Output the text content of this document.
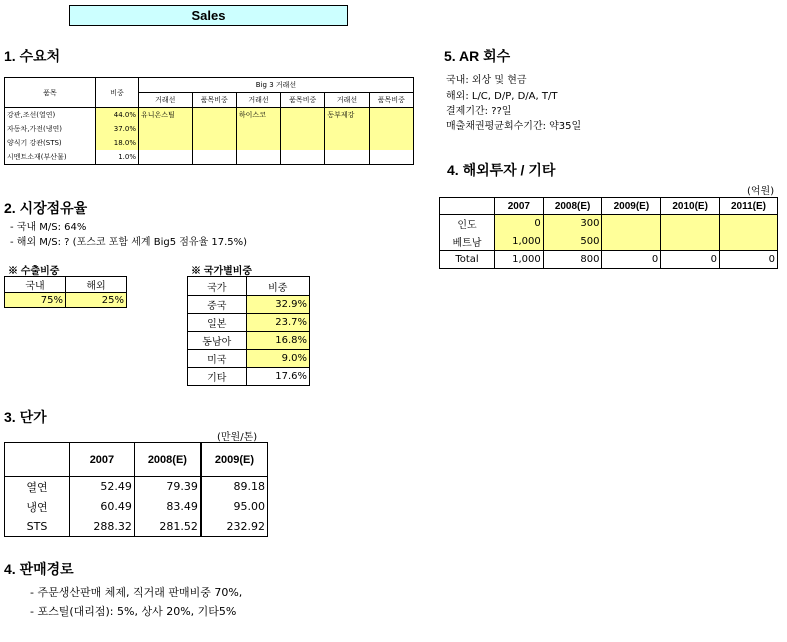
Sales
1. 수요처
품목	비중	Big 3 거래선					
		거래선	품목비중	거래선	품목비중	거래선	품목비중
강관,조선(열연)	44.0%	유니온스틸		하이스코		동부제강	
자동차,가전(냉연)	37.0%						
양식기 강관(STS)	18.0%						
시멘트소재(부산물)	1.0%						
2. 시장점유율
- 국내 M/S: 64%
- 해외 M/S: ? (포스코 포함 세계 Big5 점유율 17.5%)
※ 수출비중
국내	해외
75%	25%
※ 국가별비중
국가	비중
중국	32.9%
일본	23.7%
동남아	16.8%
미국	9.0%
기타	17.6%
3. 단가
(만원/톤)
	2007	2008(E)	2009(E)
열연	52.49	79.39	89.18
냉연	60.49	83.49	95.00
STS	288.32	281.52	232.92
4. 판매경로
- 주문생산판매 체제, 직거래 판매비중 70%,
- 포스틸(대리점): 5%, 상사 20%, 기타5%
5. AR 회수
국내: 외상 및 현금
해외: L/C, D/P, D/A, T/T
결제기간: ??일
매출채권평균회수기간: 약35일
4. 해외투자 / 기타
(억원)
	2007	2008(E)	2009(E)	2010(E)	2011(E)
인도	0	300			
베트남	1,000	500			
Total	1,000	800	0	0	0
